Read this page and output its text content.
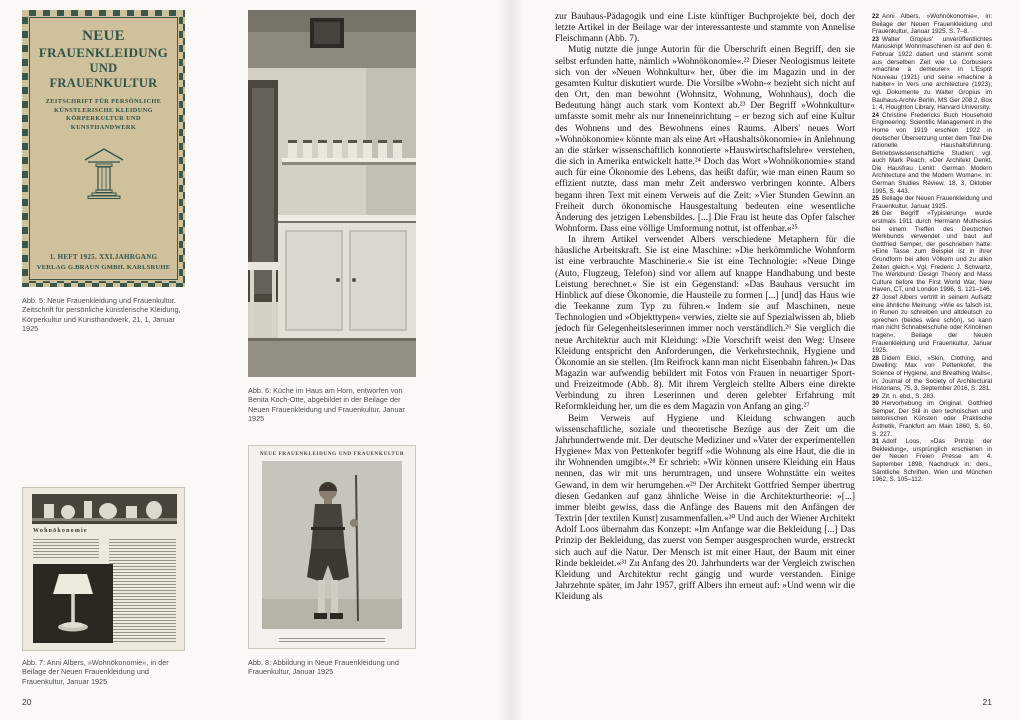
NEUE
FRAUENKLEIDUNG
UND FRAUENKULTUR
ZEITSCHRIFT FÜR PERSÖNLICHE
KÜNSTLERISCHE KLEIDUNG
KÖRPERKULTUR UND
KUNSTHANDWERK
1. HEFT 1925. XXI.JAHRGANG
VERLAG G.BRAUN GMBH. KARLSRUHE
Abb. 5: Neue Frauenkleidung und Frauenkultur. Zeitschrift für persönliche künstlerische Kleidung, Körperkultur und Kunsthandwerk, 21, 1, Januar 1925
Abb. 6: Küche im Haus am Horn, entworfen von Benita Koch-Otte, abgebildet in der Beilage der Neuen Frauenkleidung und Frauenkultur, Januar 1925
Wohnökonomie
Abb. 7: Anni Albers, »Wohnökonomie«, in der Beilage der Neuen Frauenkleidung und Frauenkultur, Januar 1925
NEUE FRAUENKLEIDUNG UND FRAUENKULTUR
Abb. 8: Abbildung in Neue Frauenkleidung und Frauenkultur, Januar 1925
20

zur Bauhaus-Pädagogik und eine Liste künftiger Buchprojekte bei, doch der letzte Artikel in der Beilage war der interessanteste und stammte von Annelise Fleischmann (Abb. 7).

Mutig nutzte die junge Autorin für die Überschrift einen Begriff, den sie selbst erfunden hatte, nämlich »Wohnökonomie«.²² Dieser Neologismus leitete sich von der »Neuen Wohnkultur« her, über die im Magazin und in der gesamten Kultur diskutiert wurde. Die Vorsilbe »Wohn-« bezieht sich nicht auf den Ort, den man bewohnt (Wohnsitz, Wohnung, Wohnhaus), doch die Bedeutung hängt auch stark vom Kontext ab.²³ Der Begriff »Wohnkultur« umfasste somit mehr als nur Inneneinrichtung – er bezog sich auf eine Kultur des Wohnens und des Bewohnens eines Raums. Albers' neues Wort »Wohnökonomie« könnte man als eine Art »Haushaltsökonomie« in Anlehnung an die stärker wissenschaftlich konnotierte »Hauswirtschaftslehre« verstehen, die sich in Amerika entwickelt hatte.²⁴ Doch das Wort »Wohnökonomie« stand auch für eine Ökonomie des Lebens, das heißt dafür, wie man einen Raum so effizient nutzte, dass man mehr Zeit anderswo verbringen konnte. Albers begann ihren Text mit einem Verweis auf die Zeit: »Vier Stunden Gewinn an Freiheit durch ökonomische Hausgestaltung bedeuten eine wesentliche Änderung des jetzigen Lebensbildes. [...] Die Frau ist heute das Opfer falscher Wohnform. Dass eine völlige Umformung nottut, ist offenbar.«²⁵

In ihrem Artikel verwendet Albers verschiedene Metaphern für die häusliche Arbeitskraft. Sie ist eine Maschine: »Die herkömmliche Wohnform ist eine verbrauchte Maschinerie.« Sie ist eine Technologie: »Neue Dinge (Auto, Flugzeug, Telefon) sind vor allem auf knappe Handhabung und beste Leistung berechnet.« Sie ist ein Gegenstand: »Das Bauhaus versucht im Hinblick auf diese Ökonomie, die Hausteile zu formen [...] [und] das Haus wie die Teekanne zum Typ zu führen.« Indem sie auf Maschinen, neue Technologien und »Objekttypen« verwies, zielte sie auf Spezialwissen ab, blieb jedoch für Gelegenheitsleserinnen immer noch verständlich.²⁶ Sie verglich die neue Architektur auch mit Kleidung: »Die Vorschrift weist den Weg: Unsere Kleidung entspricht den Anforderungen, die Verkehrstechnik, Hygiene und Ökonomie an sie stellen. (Im Reifrock kann man nicht Eisenbahn fahren.)« Das Magazin war aufwendig bebildert mit Fotos von Frauen in neuartiger Sport- und Freizeitmode (Abb. 8). Mit ihrem Vergleich stellte Albers eine direkte Verbindung zu ihren Leserinnen und deren gelebter Erfahrung mit Reformkleidung her, um die es dem Magazin von Anfang an ging.²⁷

Beim Verweis auf Hygiene und Kleidung schwangen auch wissenschaftliche, soziale und theoretische Bezüge aus der Zeit um die Jahrhundertwende mit. Der deutsche Mediziner und »Vater der experimentellen Hygiene« Max von Pettenkofer begriff »die Wohnung als eine Haut, die die in ihr Wohnenden umgibt«.²⁸ Er schrieb: »Wir können unsere Kleidung ein Haus nennen, das wir mit uns herumtragen, und unsere Wohnstätte ein weites Gewand, in dem wir herumgehen.«²⁹ Der Architekt Gottfried Semper übertrug diesen Gedanken auf ganz ähnliche Weise in die Architekturtheorie: »[...] immer bleibt gewiss, dass die Anfänge des Bauens mit den Anfängen der Textrin [der textilen Kunst] zusammenfallen.«³⁰ Und auch der Wiener Architekt Adolf Loos übernahm das Konzept: »Im Anfange war die Bekleidung [...] Das Prinzip der Bekleidung, das zuerst von Semper ausgesprochen wurde, erstreckt sich auch auf die Natur. Der Mensch ist mit einer Haut, der Baum mit einer Rinde bekleidet.«³¹ Zu Anfang des 20. Jahrhunderts war der Vergleich zwischen Kleidung und Architektur recht gängig und wurde verstanden. Einige Jahrzehnte später, im Jahr 1957, griff Albers ihn erneut auf: »Und wenn wir die Kleidung als

22 Anni Albers, »Wohnökonomie«, in: Beilage der Neuen Frauenkleidung und Frauenkultur, Januar 1925, S. 7–8.

23 Walter Gropius' unveröffentlichtes Manuskript Wohnmaschinen ist auf den 6. Februar 1922 datiert und stammt somit aus derselben Zeit wie Le Corbusiers »machine à demeurer« in L'Esprit Nouveau (1921) und seine »machine à habiter« in Vers une architecture (1923); vgl. Dokumente zu Walter Gropius im Bauhaus-Archiv Berlin, MS Ger 208.2, Box 1: 4, Houghton Library, Harvard University.

24 Christine Fredericks Buch Household Engineering: Scientific Management in the Home von 1919 erschien 1922 in deutscher Übersetzung unter dem Titel Die rationelle Haushaltsführung. Betriebswissenschaftliche Studien; vgl. auch Mark Peach, »Der Architekt Denkt, Die Hausfrau Lenkt: German Modern Architecture and the Modern Woman«, in: German Studies Review, 18, 3, Oktober 1995, S. 443.

25 Beilage der Neuen Frauenkleidung und Frauenkultur, Januar 1925.

26 Der Begriff »Typisierung« wurde erstmals 1911 durch Hermann Muthesius bei einem Treffen des Deutschen Werkbunds verwendet und baut auf Gottfried Semper, der geschrieben hatte: »Eine Tasse zum Beispiel ist in ihrer Grundform bei allen Völkern und zu allen Zeiten gleich.« Vgl. Frederic J. Schwartz, The Werkbund: Design Theory and Mass Culture before the First World War, New Haven, CT, und London 1996, S. 121–146.

27 Josef Albers vertritt in seinem Aufsatz eine ähnliche Meinung: »Wie es falsch ist, in Runen zu schreiben und altdeutsch zu sprechen (beides wäre schön), so kann man nicht Schnabelschuhe oder Krinolinen tragen«, Beilage der Neuen Frauenkleidung und Frauenkultur, Januar 1925.

28 Didem Ekici, »Skin, Clothing, and Dwelling: Max von Pettenkofer, the Science of Hygiene, and Breathing Walls«, in: Journal of the Society of Architectural Historians, 75, 3, September 2016, S. 281.

29 Zit. n. ebd., S. 283.

30 Hervorhebung im Original. Gottfried Semper, Der Stil in den technischen und tektonischen Künsten oder Praktische Ästhetik, Frankfurt am Main 1860, S. 60, S. 227.

31 Adolf Loos, »Das Prinzip der Bekleidung«, ursprünglich erschienen in der Neuen Freien Presse am 4. September 1898, Nachdruck in: ders., Sämtliche Schriften, Wien und München 1962, S. 105–112.

21
